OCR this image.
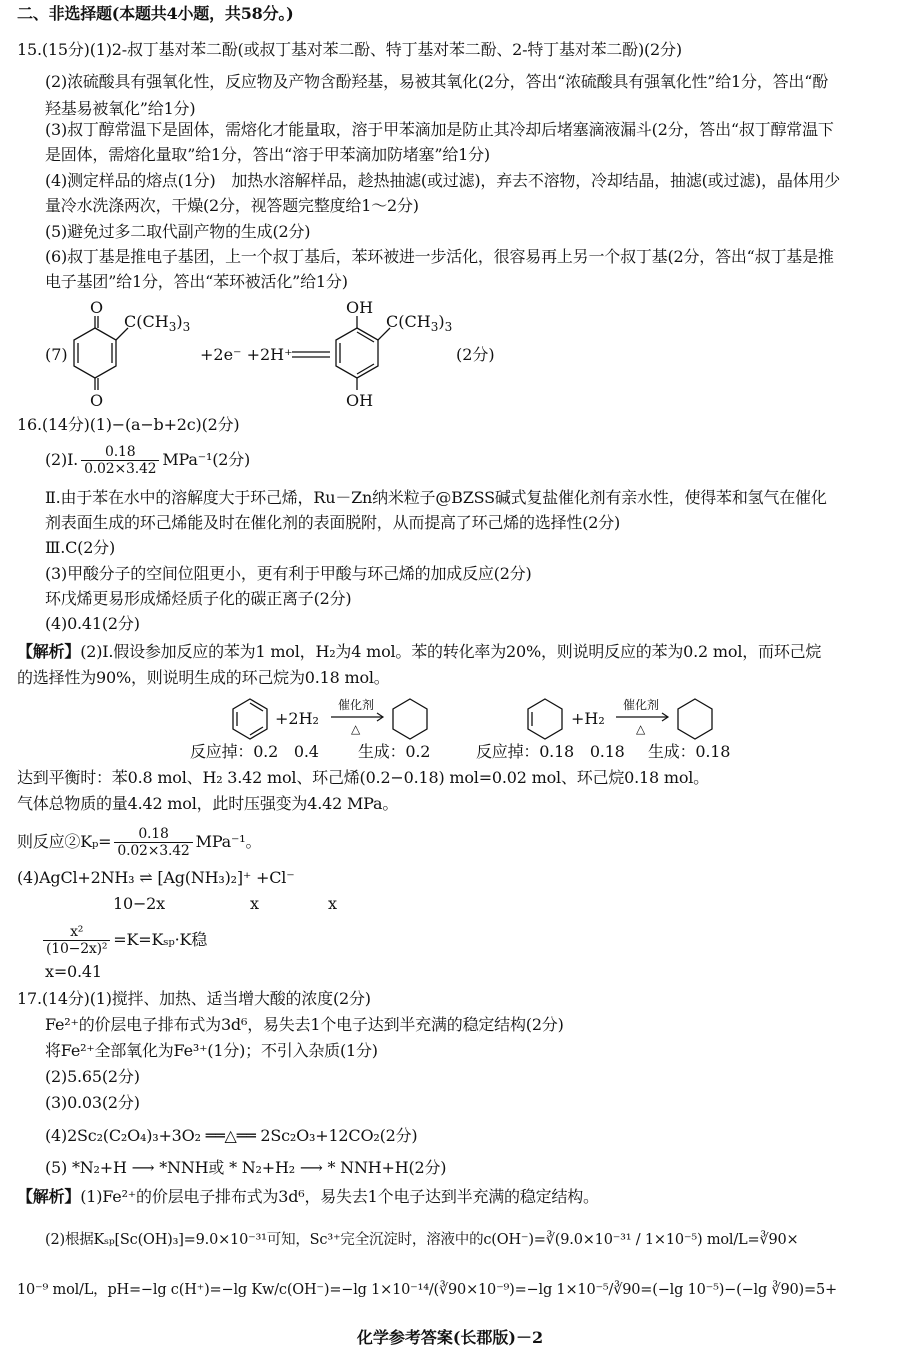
二、非选择题(本题共4小题，共58分。)
15.(15分)(1)2-叔丁基对苯二酚(或叔丁基对苯二酚、特丁基对苯二酚、2-特丁基对苯二酚)(2分)
(2)浓硫酸具有强氧化性，反应物及产物含酚羟基，易被其氧化(2分，答出“浓硫酸具有强氧化性”给1分，答出“酚
羟基易被氧化”给1分)
(3)叔丁醇常温下是固体，需熔化才能量取，溶于甲苯滴加是防止其冷却后堵塞滴液漏斗(2分，答出“叔丁醇常温下
是固体，需熔化量取”给1分，答出“溶于甲苯滴加防堵塞”给1分)
(4)测定样品的熔点(1分)　加热水溶解样品，趁热抽滤(或过滤)，弃去不溶物，冷却结晶，抽滤(或过滤)，晶体用少
量冷水洗涤两次，干燥(2分，视答题完整度给1～2分)
(5)避免过多二取代副产物的生成(2分)
(6)叔丁基是推电子基团，上一个叔丁基后，苯环被进一步活化，很容易再上另一个叔丁基(2分，答出“叔丁基是推
电子基团”给1分，答出“苯环被活化”给1分)
(7)
O
O
$C(CH_3)_3$
+2e⁻ +2H⁺
OH
OH
$C(CH_3)_3$
(2分)
16.(14分)(1)−(a−b+2c)(2分)
(2)Ⅰ. $\frac{0.18}{0.02\times 3.42} MPa^{-1}(2$分)
Ⅱ.由于苯在水中的溶解度大于环己烯，Ru－Zn纳米粒子@BZSS碱式复盐催化剂有亲水性，使得苯和氢气在催化
剂表面生成的环己烯能及时在催化剂的表面脱附，从而提高了环己烯的选择性(2分)
Ⅲ.C(2分)
(3)甲酸分子的空间位阻更小，更有利于甲酸与环己烯的加成反应(2分)
环戊烯更易形成烯烃质子化的碳正离子(2分)
(4)0.41(2分)
【解析】(2)Ⅰ.假设参加反应的苯为1 mol，H₂为4 mol。苯的转化率为20%，则说明反应的苯为0.2 mol，而环己烷
的选择性为90%，则说明生成的环己烷为0.18 mol。
+2H₂
催化剂
△
+H₂
催化剂
△
反应掉：0.2　0.4 生成：0.2	反应掉：0.18　0.18 生成：0.18
达到平衡时：苯0.8 mol、H₂ 3.42 mol、环己烯(0.2−0.18) mol=0.02 mol、环己烷0.18 mol。
气体总物质的量4.42 mol，此时压强变为4.42 MPa。
则反应②Kₚ= $\frac{0.18}{0.02\times 3.42} MPa^{-1}$。
(4)AgCl+2NH₃ ⇌ [Ag(NH₃)₂]⁺ +Cl⁻
10−2x	x	x
$\frac{\text{x²}}{\text{(10−2x)²}} =K=K_{sp}\cdot K$稳
x=0.41
17.(14分)(1)搅拌、加热、适当增大酸的浓度(2分)
Fe²⁺的价层电子排布式为3d⁶，易失去1个电子达到半充满的稳定结构(2分)
将Fe²⁺全部氧化为Fe³⁺(1分)；不引入杂质(1分)
(2)5.65(2分)
(3)0.03(2分)
(4)2Sc₂(C₂O₄)₃+3O₂ ══△══ 2Sc₂O₃+12CO₂(2分)
(5) *N₂+H ⟶ *NNH或 * N₂+H₂ ⟶ * NNH+H(2分)
【解析】(1)Fe²⁺的价层电子排布式为3d⁶，易失去1个电子达到半充满的稳定结构。
(2)根据Kₛₚ[Sc(OH)₃]=9.0×10⁻³¹可知，Sc³⁺完全沉淀时，溶液中的c(OH⁻)=∛(9.0×10⁻³¹ / 1×10⁻⁵) mol/L=∛90×
10⁻⁹ mol/L，pH=−lg c(H⁺)=−lg Kw/c(OH⁻)=−lg 1×10⁻¹⁴/(∛90×10⁻⁹)=−lg 1×10⁻⁵/∛90=(−lg 10⁻⁵)−(−lg ∛90)=5+
化学参考答案(长郡版)－2
